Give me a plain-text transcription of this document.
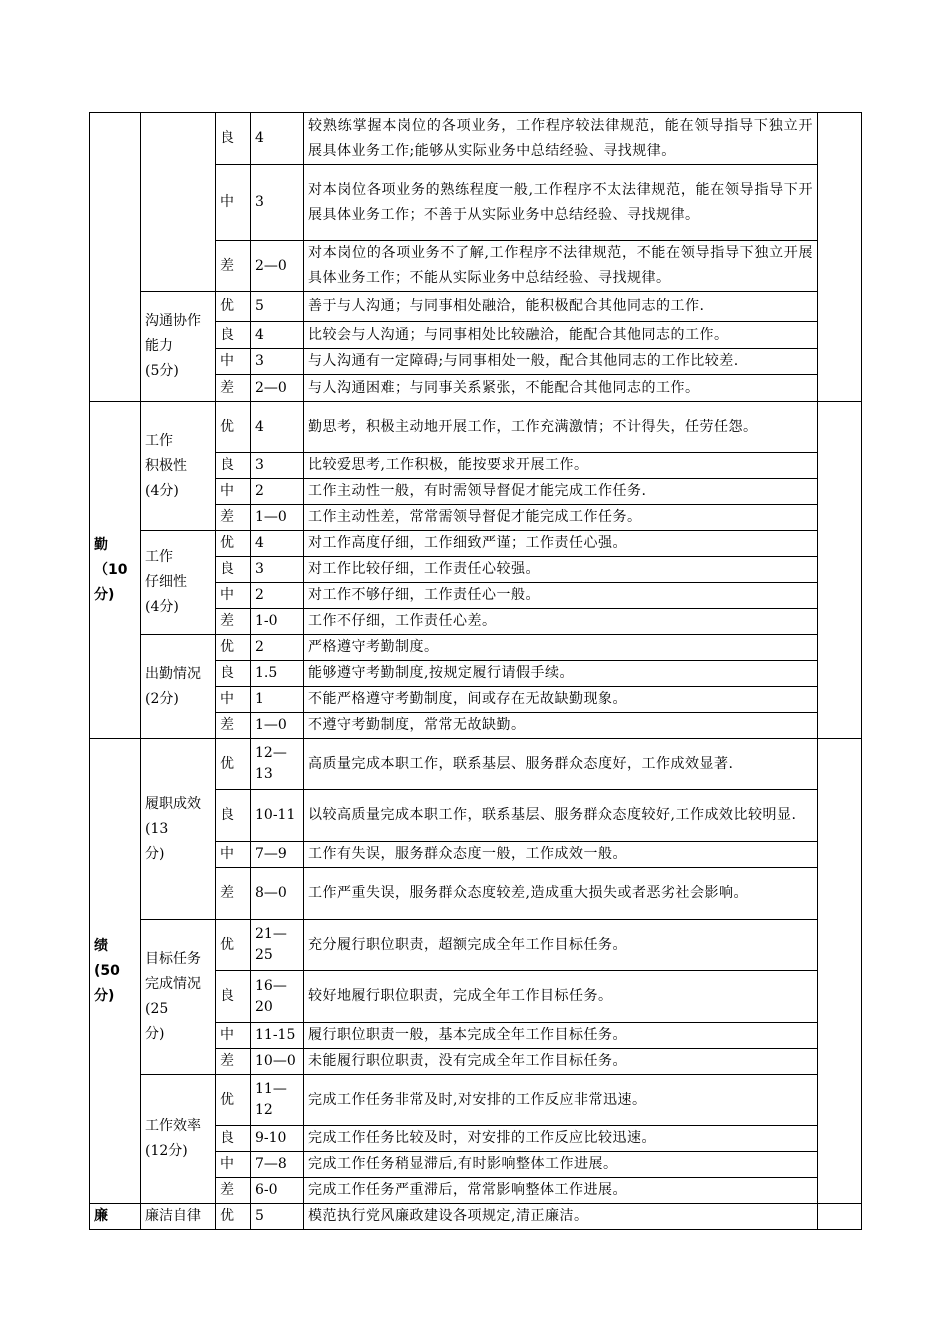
		良	4	较熟练掌握本岗位的各项业务，工作程序较法律规范，能在领导指导下独立开展具体业务工作;能够从实际业务中总结经验、寻找规律。	
		中	3	对本岗位各项业务的熟练程度一般,工作程序不太法律规范，能在领导指导下开展具体业务工作；不善于从实际业务中总结经验、寻找规律。	
		差	2—0	对本岗位的各项业务不了解,工作程序不法律规范，不能在领导指导下独立开展具体业务工作；不能从实际业务中总结经验、寻找规律。	
	沟通协作
能力
(5分)	优	5	善于与人沟通；与同事相处融洽，能积极配合其他同志的工作.	
		良	4	比较会与人沟通；与同事相处比较融洽，能配合其他同志的工作。	
		中	3	与人沟通有一定障碍;与同事相处一般，配合其他同志的工作比较差.	
		差	2—0	与人沟通困难；与同事关系紧张，不能配合其他同志的工作。	
勤
（10
分)	工作
积极性
(4分)	优	4	勤思考，积极主动地开展工作，工作充满激情；不计得失，任劳任怨。	
		良	3	比较爱思考,工作积极，能按要求开展工作。	
		中	2	工作主动性一般，有时需领导督促才能完成工作任务.	
		差	1—0	工作主动性差，常常需领导督促才能完成工作任务。	
	工作
仔细性
(4分)	优	4	对工作高度仔细，工作细致严谨；工作责任心强。	
		良	3	对工作比较仔细，工作责任心较强。	
		中	2	对工作不够仔细，工作责任心一般。	
		差	1-0	工作不仔细，工作责任心差。	
	出勤情况
(2分)	优	2	严格遵守考勤制度。	
		良	1.5	能够遵守考勤制度,按规定履行请假手续。	
		中	1	不能严格遵守考勤制度，间或存在无故缺勤现象。	
		差	1—0	不遵守考勤制度，常常无故缺勤。	
绩
(50
分)	履职成效
(13
分)	优	12—
13	高质量完成本职工作，联系基层、服务群众态度好，工作成效显著.	
		良	10-11	以较高质量完成本职工作，联系基层、服务群众态度较好,工作成效比较明显.	
		中	7—9	工作有失误，服务群众态度一般，工作成效一般。	
		差	8—0	工作严重失误，服务群众态度较差,造成重大损失或者恶劣社会影响。	
	目标任务
完成情况
(25
分)	优	21—
25	充分履行职位职责，超额完成全年工作目标任务。	
		良	16—
20	较好地履行职位职责，完成全年工作目标任务。	
		中	11-15	履行职位职责一般，基本完成全年工作目标任务。	
		差	10—0	未能履行职位职责，没有完成全年工作目标任务。	
	工作效率
(12分)	优	11—
12	完成工作任务非常及时,对安排的工作反应非常迅速。	
		良	9-10	完成工作任务比较及时，对安排的工作反应比较迅速。	
		中	7—8	完成工作任务稍显滞后,有时影响整体工作进展。	
		差	6-0	完成工作任务严重滞后，常常影响整体工作进展。	
廉	廉洁自律	优	5	模范执行党风廉政建设各项规定,清正廉洁。	
